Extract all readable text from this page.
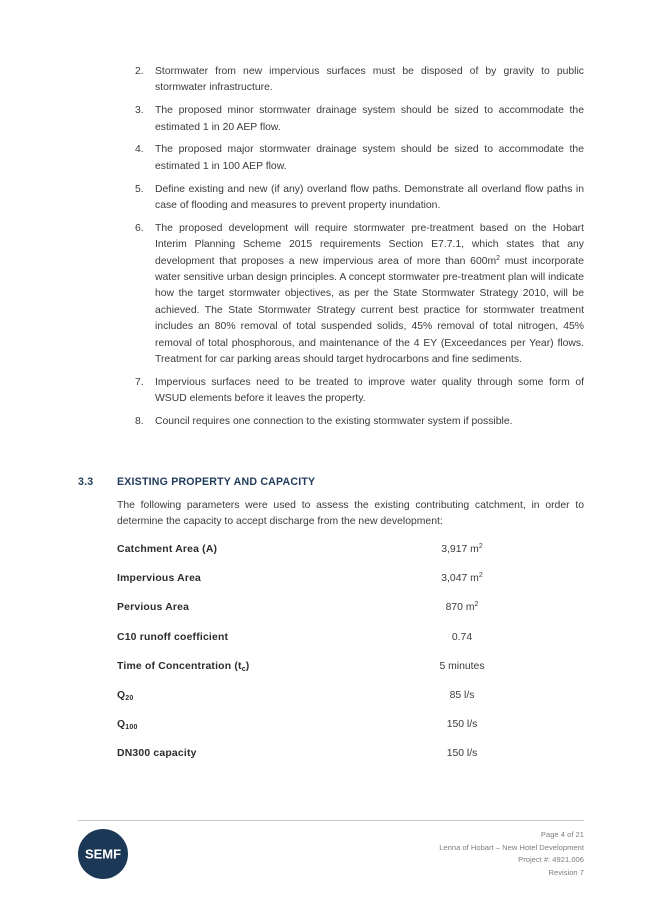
2.	Stormwater from new impervious surfaces must be disposed of by gravity to public stormwater infrastructure.
3.	The proposed minor stormwater drainage system should be sized to accommodate the estimated 1 in 20 AEP flow.
4.	The proposed major stormwater drainage system should be sized to accommodate the estimated 1 in 100 AEP flow.
5.	Define existing and new (if any) overland flow paths. Demonstrate all overland flow paths in case of flooding and measures to prevent property inundation.
6.	The proposed development will require stormwater pre-treatment based on the Hobart Interim Planning Scheme 2015 requirements Section E7.7.1, which states that any development that proposes a new impervious area of more than $600m^2$ must incorporate water sensitive urban design principles. A concept stormwater pre-treatment plan will indicate how the target stormwater objectives, as per the State Stormwater Strategy 2010, will be achieved. The State Stormwater Strategy current best practice for stormwater treatment includes an 80% removal of total suspended solids, 45% removal of total nitrogen, 45% removal of total phosphorous, and maintenance of the 4 EY (Exceedances per Year) flows. Treatment for car parking areas should target hydrocarbons and fine sediments.
7.	Impervious surfaces need to be treated to improve water quality through some form of WSUD elements before it leaves the property.
8.	Council requires one connection to the existing stormwater system if possible.
3.3 EXISTING PROPERTY AND CAPACITY
The following parameters were used to assess the existing contributing catchment, in order to determine the capacity to accept discharge from the new development:
Catchment Area (A)	3,917 $m^2$
Impervious Area	3,047 $m^2$
Pervious Area	870 $m^2$
C10 runoff coefficient	0.74
Time of Concentration $(t_c)$	5 minutes
$Q_{20}$	85 l/s
$Q_{100}$	150 l/s
DN300 capacity	150 l/s
SEMF
Page 4 of 21
Lenna of Hobart – New Hotel Development
Project #: 4921.006
Revision 7
